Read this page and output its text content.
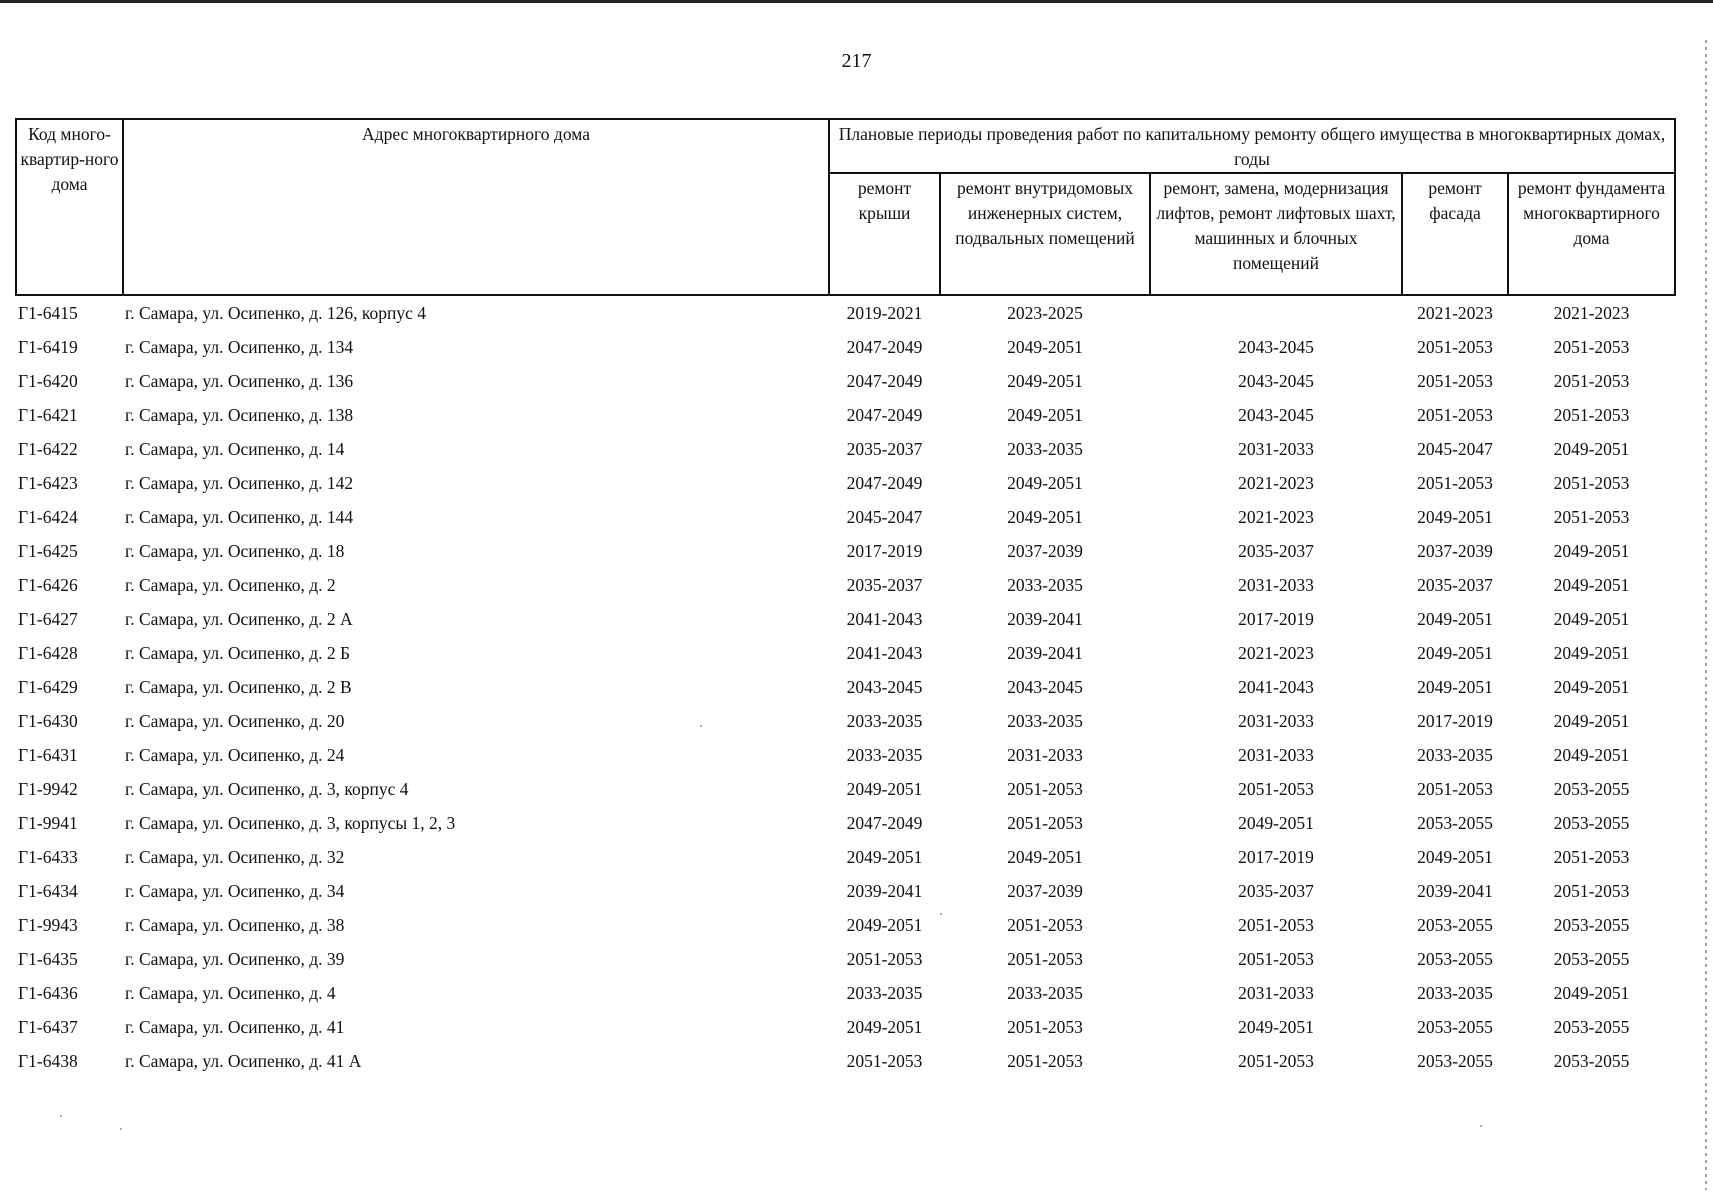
217
Код много-квартир-ного дома	Адрес многоквартирного дома	Плановые периоды проведения работ по капитальному ремонту общего имущества в многоквартирных домах, годы				
		ремонт крыши	ремонт внутридомовых инженерных систем, подвальных помещений	ремонт, замена, модернизация лифтов, ремонт лифтовых шахт, машинных и блочных помещений	ремонт фасада	ремонт фундамента многоквартирного дома
Г1-6415	г. Самара, ул. Осипенко, д. 126, корпус 4	2019-2021	2023-2025		2021-2023	2021-2023
Г1-6419	г. Самара, ул. Осипенко, д. 134	2047-2049	2049-2051	2043-2045	2051-2053	2051-2053
Г1-6420	г. Самара, ул. Осипенко, д. 136	2047-2049	2049-2051	2043-2045	2051-2053	2051-2053
Г1-6421	г. Самара, ул. Осипенко, д. 138	2047-2049	2049-2051	2043-2045	2051-2053	2051-2053
Г1-6422	г. Самара, ул. Осипенко, д. 14	2035-2037	2033-2035	2031-2033	2045-2047	2049-2051
Г1-6423	г. Самара, ул. Осипенко, д. 142	2047-2049	2049-2051	2021-2023	2051-2053	2051-2053
Г1-6424	г. Самара, ул. Осипенко, д. 144	2045-2047	2049-2051	2021-2023	2049-2051	2051-2053
Г1-6425	г. Самара, ул. Осипенко, д. 18	2017-2019	2037-2039	2035-2037	2037-2039	2049-2051
Г1-6426	г. Самара, ул. Осипенко, д. 2	2035-2037	2033-2035	2031-2033	2035-2037	2049-2051
Г1-6427	г. Самара, ул. Осипенко, д. 2 А	2041-2043	2039-2041	2017-2019	2049-2051	2049-2051
Г1-6428	г. Самара, ул. Осипенко, д. 2 Б	2041-2043	2039-2041	2021-2023	2049-2051	2049-2051
Г1-6429	г. Самара, ул. Осипенко, д. 2 В	2043-2045	2043-2045	2041-2043	2049-2051	2049-2051
Г1-6430	г. Самара, ул. Осипенко, д. 20	2033-2035	2033-2035	2031-2033	2017-2019	2049-2051
Г1-6431	г. Самара, ул. Осипенко, д. 24	2033-2035	2031-2033	2031-2033	2033-2035	2049-2051
Г1-9942	г. Самара, ул. Осипенко, д. 3, корпус 4	2049-2051	2051-2053	2051-2053	2051-2053	2053-2055
Г1-9941	г. Самара, ул. Осипенко, д. 3, корпусы 1, 2, 3	2047-2049	2051-2053	2049-2051	2053-2055	2053-2055
Г1-6433	г. Самара, ул. Осипенко, д. 32	2049-2051	2049-2051	2017-2019	2049-2051	2051-2053
Г1-6434	г. Самара, ул. Осипенко, д. 34	2039-2041	2037-2039	2035-2037	2039-2041	2051-2053
Г1-9943	г. Самара, ул. Осипенко, д. 38	2049-2051	2051-2053	2051-2053	2053-2055	2053-2055
Г1-6435	г. Самара, ул. Осипенко, д. 39	2051-2053	2051-2053	2051-2053	2053-2055	2053-2055
Г1-6436	г. Самара, ул. Осипенко, д. 4	2033-2035	2033-2035	2031-2033	2033-2035	2049-2051
Г1-6437	г. Самара, ул. Осипенко, д. 41	2049-2051	2051-2053	2049-2051	2053-2055	2053-2055
Г1-6438	г. Самара, ул. Осипенко, д. 41 А	2051-2053	2051-2053	2051-2053	2053-2055	2053-2055
